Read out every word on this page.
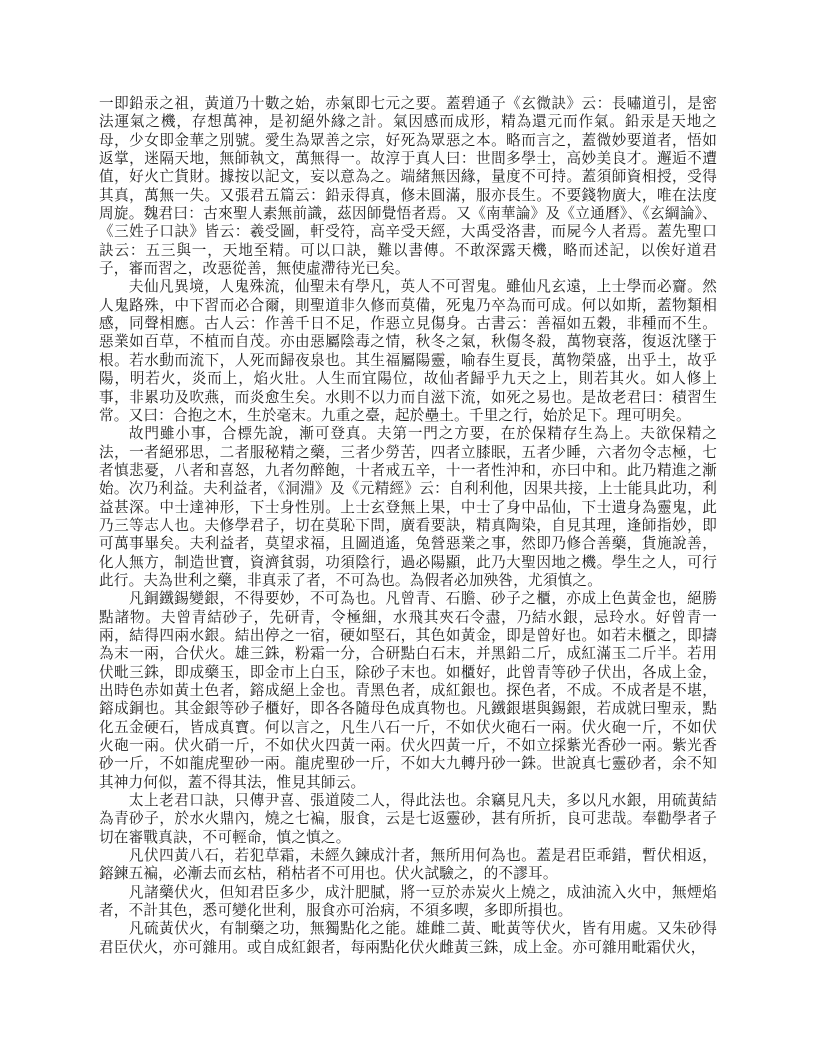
一即鉛汞之祖，黃道乃十數之始，赤氣即七元之要。蓋碧通子《玄微訣》云：長嘯道引，是密法運氣之機，存想萬神，是初絕外緣之計。氣因感而成形，精為還元而作氣。鉛汞是天地之母，少女即金華之別號。愛生為眾善之宗，好死為眾惡之本。略而言之，蓋微妙要道者，悟如返掌，迷隔天地，無師執文，萬無得一。故淳于真人曰：世間多學士，高妙美良才。邂逅不遭值，好火亡貨財。據按以記文，妄以意為之。端緒無因緣，量度不可持。蓋須師資相授，受得其真，萬無一失。又張君五篇云：鉛汞得真，修未圓滿，服亦長生。不要錢物廣大，唯在法度周旋。魏君曰：古來聖人素無前識，茲因師覺悟者焉。又《南華論》及《立通曆》、《玄綱論》、《三姓子口訣》皆云：羲受圖，軒受符，高辛受天經，大禹受洛書，而屍今人者焉。蓋先聖口訣云：五三與一，天地至精。可以口訣，難以書傳。不敢深露天機，略而述記，以俟好道君子，審而習之，改惡從善，無使虛滯待光已矣。

夫仙凡異境，人鬼殊流，仙聖未有學凡，英人不可習鬼。雖仙凡玄遠，上士學而必齎。然人鬼路殊，中下習而必合爾，則聖道非久修而莫備，死鬼乃卒為而可成。何以如斯，蓋物類相感，同聲相應。古人云：作善千日不足，作惡立見傷身。古書云：善福如五穀，非種而不生。惡業如百草，不植而自茂。亦由惡屬陰毒之情，秋冬之氣，秋傷冬殺，萬物衰落，復返沈墜于根。若水動而流下，人死而歸夜泉也。其生福屬陽靈，喻春生夏長，萬物榮盛，出乎土，故乎陽，明若火，炎而上，焰火壯。人生而宜陽位，故仙者歸乎九天之上，則若其火。如人修上事，非累功及吹燕，而炎愈生矣。水則不以力而自滋下流，如死之易也。是故老君曰：積習生常。又曰：合抱之木，生於毫末。九重之臺，起於壘土。千里之行，始於足下。理可明矣。

故門雖小事，合標先說，漸可登真。夫第一門之方要，在於保精存生為上。夫欲保精之法，一者絕邪思，二者服秘精之藥，三者少勞苦，四者立膝眠，五者少睡，六者勿令志極，七者慎悲憂，八者和喜怒，九者勿醉飽，十者戒五辛，十一者性沖和，亦曰中和。此乃精進之漸始。次乃利益。夫利益者，《洞淵》及《元精經》云：自利利他，因果共接，上士能具此功，利益甚深。中士達神形，下士身性別。上士玄登無上果，中士了身中品仙，下士遺身為靈鬼，此乃三等志人也。夫修學君子，切在莫恥下問，廣看要訣，精真陶染，自見其理，逢師指妙，即可萬事畢矣。夫利益者，莫望求福，且圖逍遙，兔營惡業之事，然即乃修合善藥，貨施說善，化人無方，制造世寶，資濟貧弱，功須陰行，過必陽顯，此乃大聖因地之機。學生之人，可行此行。夫為世利之藥，非真汞了者，不可為也。為假者必加殃咎，尤須慎之。

凡銅鐵錫變銀，不得要妙，不可為也。凡曾青、石膽、砂子之櫃，亦成上色黃金也，絕勝點諸物。夫曾青結砂子，先研青，令極細，水飛其夾石令盡，乃結水銀，忌玲水。好曾青一兩，結得四兩水銀。結出停之一宿，硬如堅石，其色如黃金，即是曾好也。如若未櫃之，即擣為末一兩，合伏火。雄三銖，粉霜一分，合研點白石末，并黑鉛二斤，成紅滿玉二斤半。若用伏毗三銖，即成藥玉，即金市上白玉，除砂子末也。如櫃好，此曾青等砂子伏出，各成上金，出時色赤如黃土色者，鎔成絕上金也。青黑色者，成紅銀也。探色者，不成。不成者是不堪，鎔成銅也。其金銀等砂子櫃好，即各各隨母色成真物也。凡鐵銀堪與錫銀，若成就曰聖汞，點化五金硬石，皆成真寶。何以言之，凡生八石一斤，不如伏火砲石一兩。伏火砲一斤，不如伏火砲一兩。伏火硝一斤，不如伏火四黃一兩。伏火四黃一斤，不如立採紫光香砂一兩。紫光香砂一斤，不如龍虎聖砂一兩。龍虎聖砂一斤，不如大九轉丹砂一銖。世說真七靈砂者，余不知其神力何似，蓋不得其法，惟見其師云。

太上老君口訣，只傳尹喜、張道陵二人，得此法也。余竊見凡夫，多以凡水銀，用硫黃結為青砂子，於水火鼎內，燒之七褊，服食，云是七返靈砂，甚有所折，良可悲哉。奉勸學者子切在審戰真訣，不可輕命，慎之慎之。

凡伏四黃八石，若犯草霜，未經久鍊成汁者，無所用何為也。蓋是君臣乖錯，暫伏相返，鎔鍊五褊，必漸去而玄枯，稍枯者不可用也。伏火試驗之，的不謬耳。

凡諸藥伏火，但知君臣多少，成汁肥膩，將一豆於赤炭火上燒之，成油流入火中，無煙焰者，不計其色，悉可變化世利，服食亦可治病，不須多喫，多即所損也。

凡硫黃伏火，有制藥之功，無獨點化之能。雄雌二黃、毗黃等伏火，皆有用處。又朱砂得君臣伏火，亦可雜用。或自成紅銀者，每兩點化伏火雌黃三銖，成上金。亦可雜用毗霜伏火，
